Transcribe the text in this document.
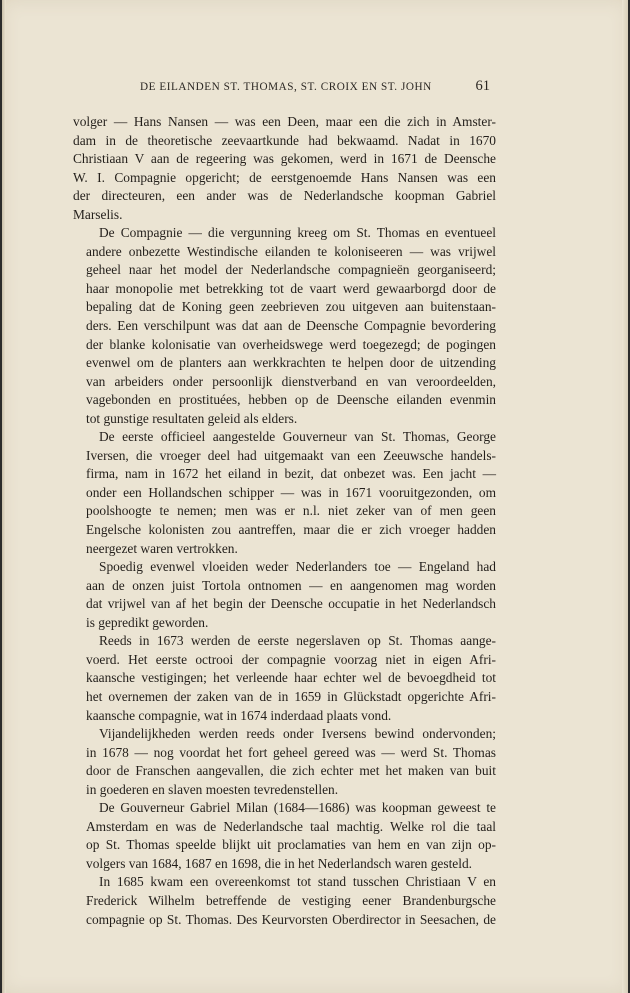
DE EILANDEN ST. THOMAS, ST. CROIX EN ST. JOHN	61
volger — Hans Nansen — was een Deen, maar een die zich in Amster-
dam in de theoretische zeevaartkunde had bekwaamd. Nadat in 1670
Christiaan V aan de regeering was gekomen, werd in 1671 de Deensche
W. I. Compagnie opgericht; de eerstgenoemde Hans Nansen was een
der directeuren, een ander was de Nederlandsche koopman Gabriel
Marselis.
De Compagnie — die vergunning kreeg om St. Thomas en eventueel
andere onbezette Westindische eilanden te koloniseeren — was vrijwel
geheel naar het model der Nederlandsche compagnieën georganiseerd;
haar monopolie met betrekking tot de vaart werd gewaarborgd door de
bepaling dat de Koning geen zeebrieven zou uitgeven aan buitenstaan-
ders. Een verschilpunt was dat aan de Deensche Compagnie bevordering
der blanke kolonisatie van overheidswege werd toegezegd; de pogingen
evenwel om de planters aan werkkrachten te helpen door de uitzending
van arbeiders onder persoonlijk dienstverband en van veroordeelden,
vagebonden en prostituées, hebben op de Deensche eilanden evenmin
tot gunstige resultaten geleid als elders.
De eerste officieel aangestelde Gouverneur van St. Thomas, George
Iversen, die vroeger deel had uitgemaakt van een Zeeuwsche handels-
firma, nam in 1672 het eiland in bezit, dat onbezet was. Een jacht —
onder een Hollandschen schipper — was in 1671 vooruitgezonden, om
poolshoogte te nemen; men was er n.l. niet zeker van of men geen
Engelsche kolonisten zou aantreffen, maar die er zich vroeger hadden
neergezet waren vertrokken.
Spoedig evenwel vloeiden weder Nederlanders toe — Engeland had
aan de onzen juist Tortola ontnomen — en aangenomen mag worden
dat vrijwel van af het begin der Deensche occupatie in het Nederlandsch
is gepredikt geworden.
Reeds in 1673 werden de eerste negerslaven op St. Thomas aange-
voerd. Het eerste octrooi der compagnie voorzag niet in eigen Afri-
kaansche vestigingen; het verleende haar echter wel de bevoegdheid tot
het overnemen der zaken van de in 1659 in Glückstadt opgerichte Afri-
kaansche compagnie, wat in 1674 inderdaad plaats vond.
Vijandelijkheden werden reeds onder Iversens bewind ondervonden;
in 1678 — nog voordat het fort geheel gereed was — werd St. Thomas
door de Franschen aangevallen, die zich echter met het maken van buit
in goederen en slaven moesten tevredenstellen.
De Gouverneur Gabriel Milan (1684—1686) was koopman geweest te
Amsterdam en was de Nederlandsche taal machtig. Welke rol die taal
op St. Thomas speelde blijkt uit proclamaties van hem en van zijn op-
volgers van 1684, 1687 en 1698, die in het Nederlandsch waren gesteld.
In 1685 kwam een overeenkomst tot stand tusschen Christiaan V en
Frederick Wilhelm betreffende de vestiging eener Brandenburgsche
compagnie op St. Thomas. Des Keurvorsten Oberdirector in Seesachen, de
